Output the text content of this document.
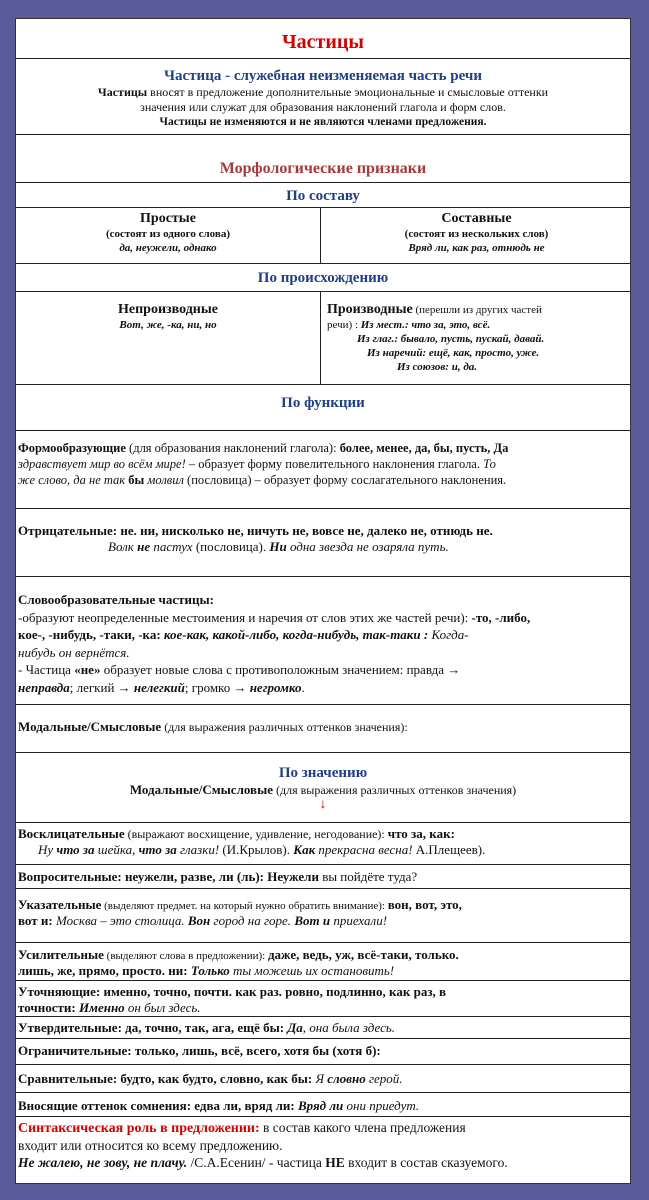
Частицы
Частица - служебная неизменяемая часть речи

Частицы вносят в предложение дополнительные эмоциональные и смысловые оттенки

значения или служат для образования наклонений глагола и форм слов.

Частицы не изменяются и не являются членами предложения.

Морфологические признаки
По составу
Простые
(состоят из одного слова)
да, неужели, однако
Составные
(состоят из нескольких слов)
Вряд ли, как раз, отнюдь не
По происхождению
Непроизводные
Вот, же, -ка, ни, но
Производные (перешли из других частей
речи) : Из мест.: что за, это, всё.
Из глаг.: бывало, пусть, пускай, давай.
Из наречий: ещё, как, просто, уже.
Из союзов: и, да.
По функции

Формообразующие (для образования наклонений глагола): более, менее, да, бы, пусть, Да

здравствует мир во всём мире! – образует форму повелительного наклонения глагола. То

же слово, да не так бы молвил (пословица) – образует форму сослагательного наклонения.

Отрицательные: не. ни, нисколько не, ничуть не, вовсе не, далеко не, отнюдь не.

Волк не пастух (пословица). Ни одна звезда не озаряла путь.

Словообразовательные частицы:

-образуют неопределенные местоимения и наречия от слов этих же частей речи): -то, -либо,

кое-, -нибудь, -таки, -ка: кое-как, какой-либо, когда-нибудь, так-таки : Когда-

нибудь он вернётся.

- Частица «не» образует новые слова с противоположным значением: правда →

неправда; легкий → нелегкий; громко → негромко.

Модальные/Смысловые (для выражения различных оттенков значения):

По значению

Модальные/Смысловые (для выражения различных оттенков значения)

↓

Восклицательные (выражают восхищение, удивление, негодование): что за, как:

Ну что за шейка, что за глазки! (И.Крылов). Как прекрасна весна! А.Плещеев).

Вопросительные: неужели, разве, ли (ль): Неужели вы пойдёте туда?

Указательные (выделяют предмет. на который нужно обратить внимание): вон, вот, это,

вот и: Москва – это столица. Вон город на горе. Вот и приехали!

Усилительные (выделяют слова в предложении): даже, ведь, уж, всё-таки, только.

лишь, же, прямо, просто. ни: Только ты можешь их остановить!

Уточняющие: именно, точно, почти. как раз. ровно, подлинно, как раз, в

точности: Именно он был здесь.

Утвердительные: да, точно, так, ага, ещё бы: Да, она была здесь.

Ограничительные: только, лишь, всё, всего, хотя бы (хотя б):

Сравнительные: будто, как будто, словно, как бы: Я словно герой.

Вносящие оттенок сомнения: едва ли, вряд ли: Вряд ли они приедут.

Синтаксическая роль в предложении: в состав какого члена предложения

входит или относится ко всему предложению.

Не жалею, не зову, не плачу. /С.А.Есенин/ - частица НЕ входит в состав сказуемого.
